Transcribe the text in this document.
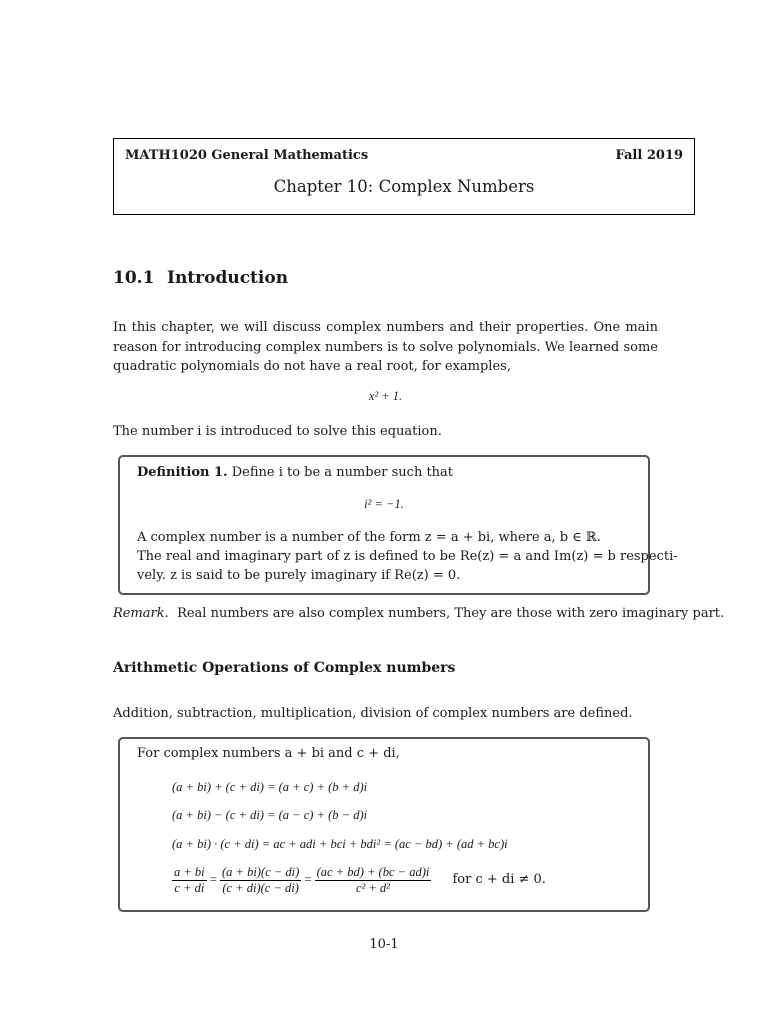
MATH1020 General Mathematics	Fall 2019
Chapter 10: Complex Numbers
10.1 Introduction

In this chapter, we will discuss complex numbers and their properties. One main reason for introducing complex numbers is to solve polynomials. We learned some quadratic polynomials do not have a real root, for examples,

x² + 1.

The number i is introduced to solve this equation.

Definition 1. Define i to be a number such that
i² = −1.
A complex number is a number of the form z = a + bi, where a, b ∈ ℝ.
The real and imaginary part of z is defined to be Re(z) = a and Im(z) = b respecti-
vely. z is said to be purely imaginary if Re(z) = 0.
Remark. Real numbers are also complex numbers, They are those with zero imaginary part.
Arithmetic Operations of Complex numbers

Addition, subtraction, multiplication, division of complex numbers are defined.

For complex numbers a + bi and c + di,
(a + bi) + (c + di) = (a + c) + (b + d)i
(a + bi) − (c + di) = (a − c) + (b − d)i
(a + bi) · (c + di) = ac + adi + bci + bdi² = (ac − bd) + (ad + bc)i
$\frac{a + bi}{c + di} = \frac{(a + bi)(c - di)}{(c + di)(c - di)} = \frac{(ac + bd) + (bc - ad)i}{\text{c² + d²}}$ for c + di ≠ 0.
10-1
